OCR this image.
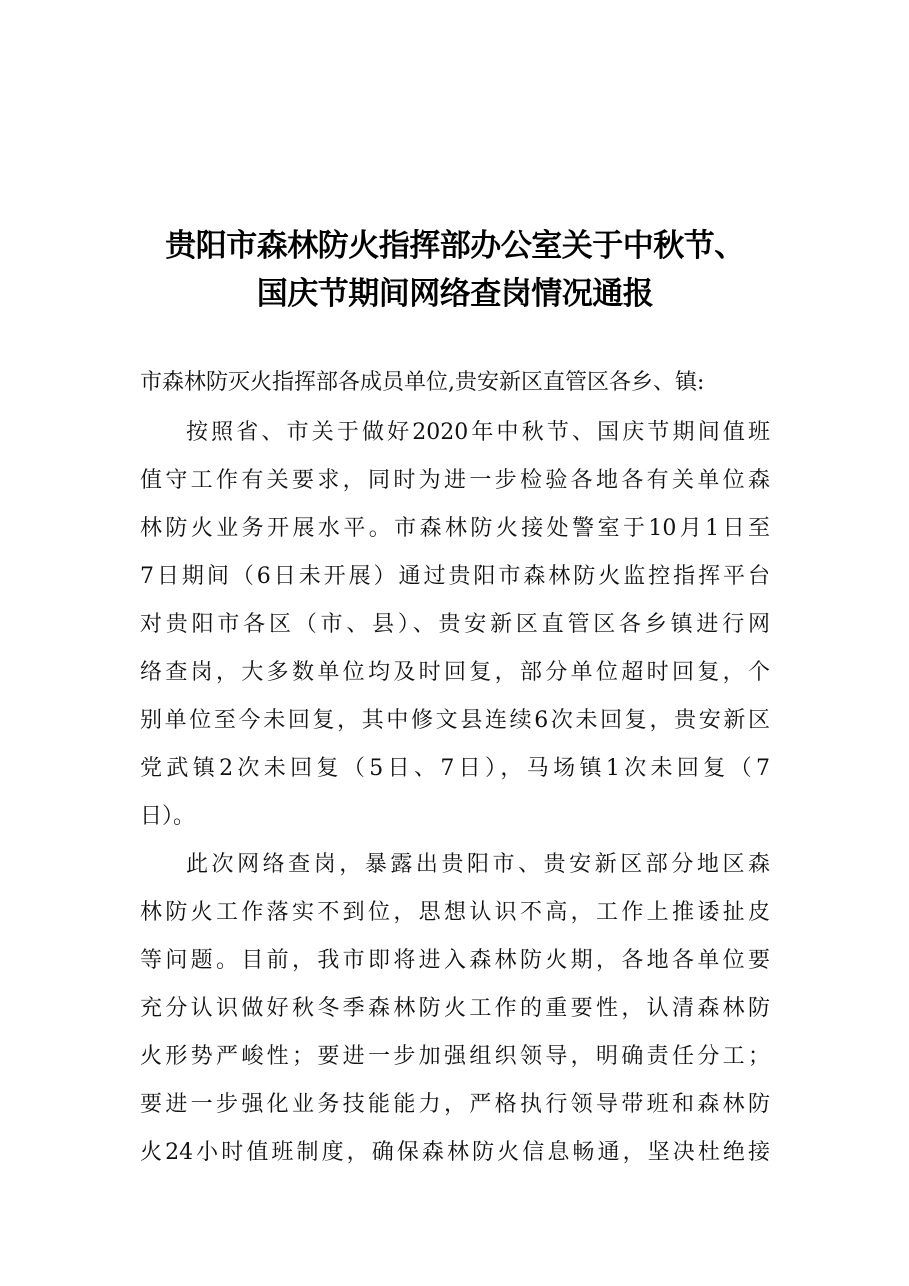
贵阳市森林防火指挥部办公室关于中秋节、
国庆节期间网络查岗情况通报
市森林防灭火指挥部各成员单位,贵安新区直管区各乡、镇:
按照省、市关于做好2020年中秋节、国庆节期间值班
值守工作有关要求，同时为进一步检验各地各有关单位森
林防火业务开展水平。市森林防火接处警室于10月1日至
7日期间（6日未开展）通过贵阳市森林防火监控指挥平台
对贵阳市各区（市、县）、贵安新区直管区各乡镇进行网
络查岗，大多数单位均及时回复，部分单位超时回复，个
别单位至今未回复，其中修文县连续6次未回复，贵安新区
党武镇2次未回复（5日、7日），马场镇1次未回复（7
日）。
此次网络查岗，暴露出贵阳市、贵安新区部分地区森
林防火工作落实不到位，思想认识不高，工作上推诿扯皮
等问题。目前，我市即将进入森林防火期，各地各单位要
充分认识做好秋冬季森林防火工作的重要性，认清森林防
火形势严峻性；要进一步加强组织领导，明确责任分工；
要进一步强化业务技能能力，严格执行领导带班和森林防
火24小时值班制度，确保森林防火信息畅通，坚决杜绝接
